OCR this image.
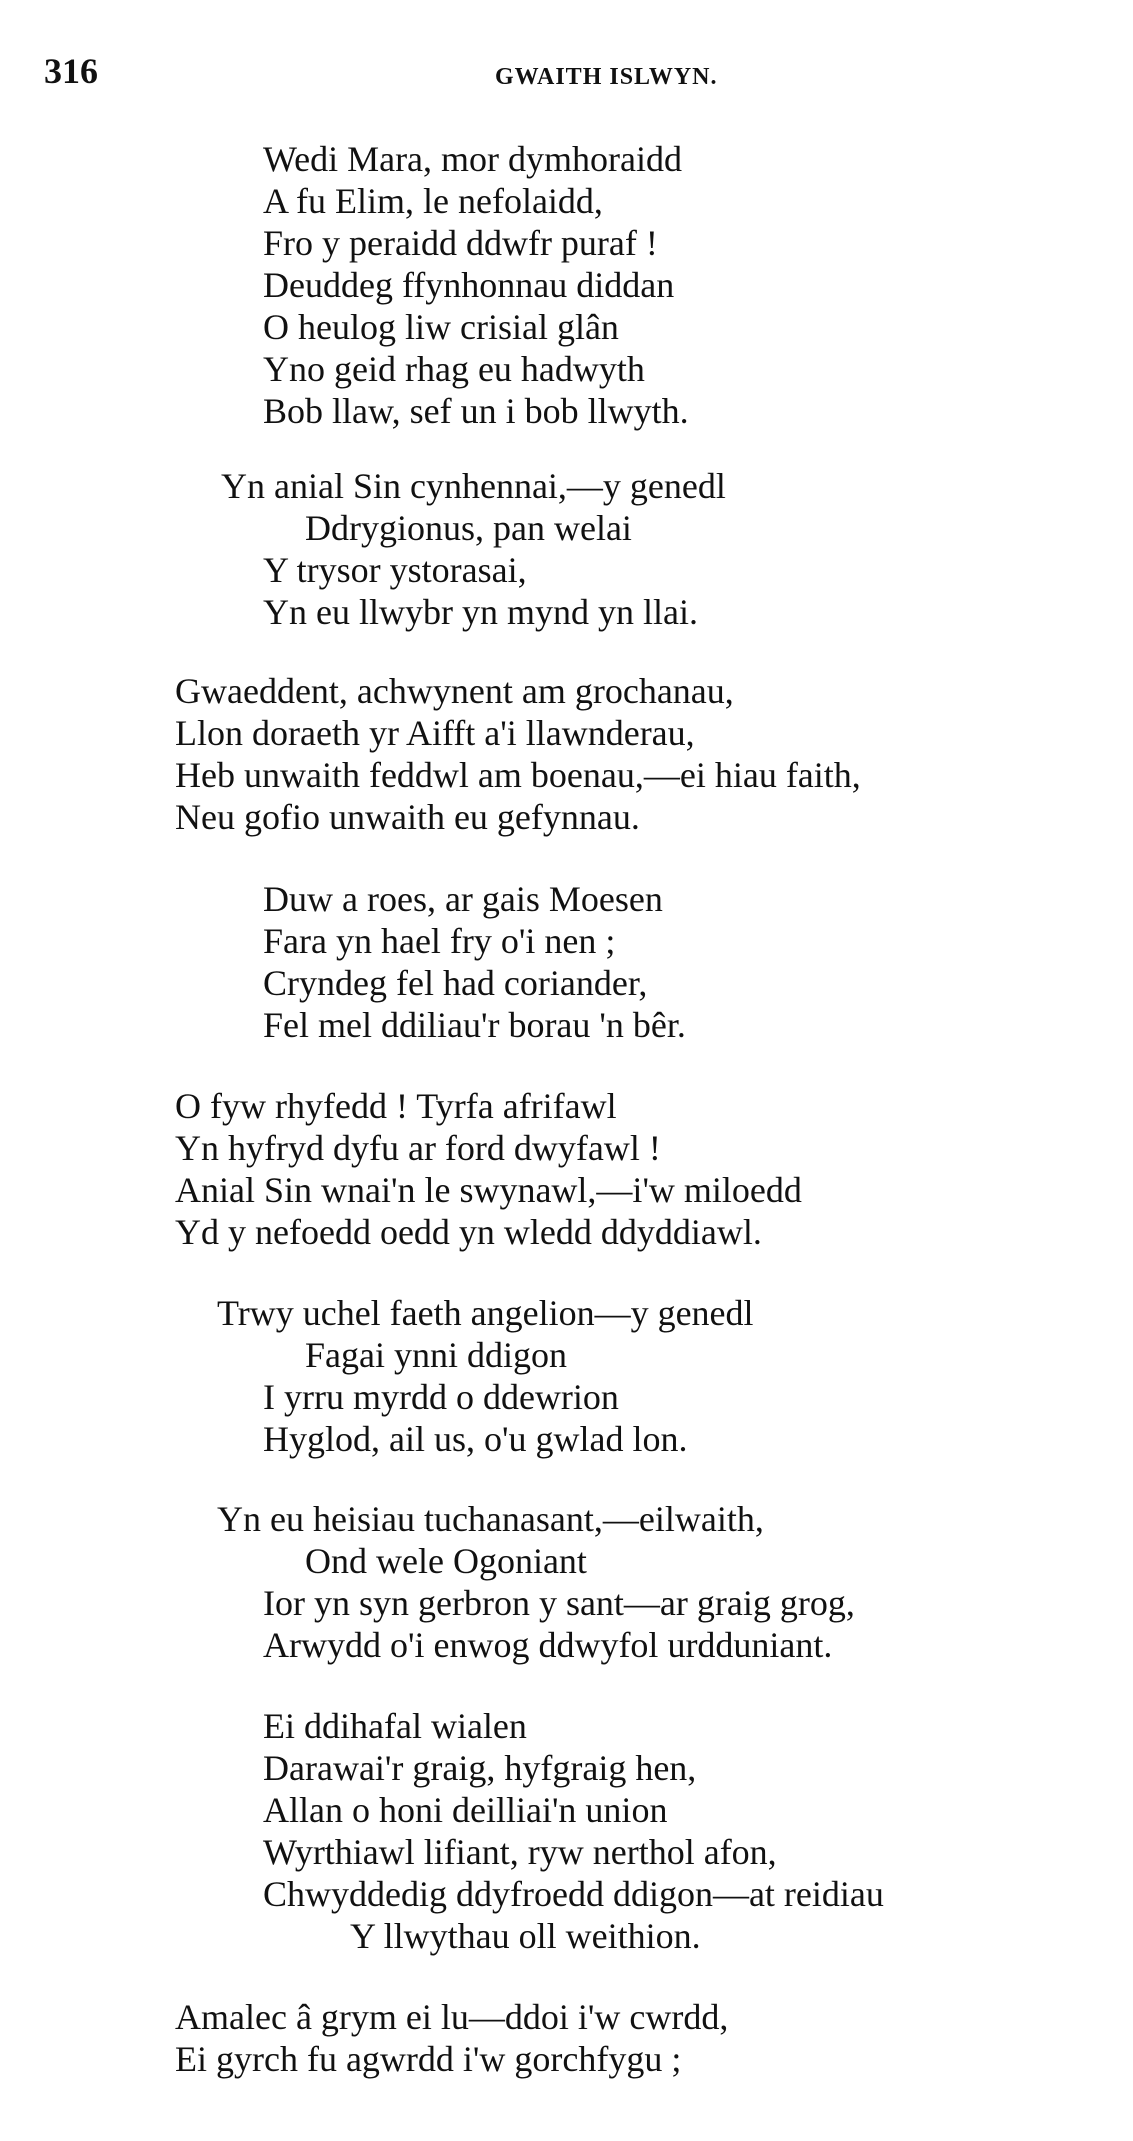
316	GWAITH ISLWYN.
Wedi Mara, mor dymhoraidd
A fu Elim, le nefolaidd,
Fro y peraidd ddwfr puraf !
Deuddeg ffynhonnau diddan
O heulog liw crisial glân
Yno geid rhag eu hadwyth
Bob llaw, sef un i bob llwyth.
Yn anial Sin cynhennai,—y genedl
Ddrygionus, pan welai
Y trysor ystorasai,
Yn eu llwybr yn mynd yn llai.
Gwaeddent, achwynent am grochanau,
Llon doraeth yr Aifft a'i llawnderau,
Heb unwaith feddwl am boenau,—ei hiau faith,
Neu gofio unwaith eu gefynnau.
Duw a roes, ar gais Moesen
Fara yn hael fry o'i nen ;
Cryndeg fel had coriander,
Fel mel ddiliau'r borau 'n bêr.
O fyw rhyfedd ! Tyrfa afrifawl
Yn hyfryd dyfu ar ford dwyfawl !
Anial Sin wnai'n le swynawl,—i'w miloedd
Yd y nefoedd oedd yn wledd ddyddiawl.
Trwy uchel faeth angelion—y genedl
Fagai ynni ddigon
I yrru myrdd o ddewrion
Hyglod, ail us, o'u gwlad lon.
Yn eu heisiau tuchanasant,—eilwaith,
Ond wele Ogoniant
Ior yn syn gerbron y sant—ar graig grog,
Arwydd o'i enwog ddwyfol urdduniant.
Ei ddihafal wialen
Darawai'r graig, hyfgraig hen,
Allan o honi deilliai'n union
Wyrthiawl lifiant, ryw nerthol afon,
Chwyddedig ddyfroedd ddigon—at reidiau
Y llwythau oll weithion.
Amalec â grym ei lu—ddoi i'w cwrdd,
Ei gyrch fu agwrdd i'w gorchfygu ;
